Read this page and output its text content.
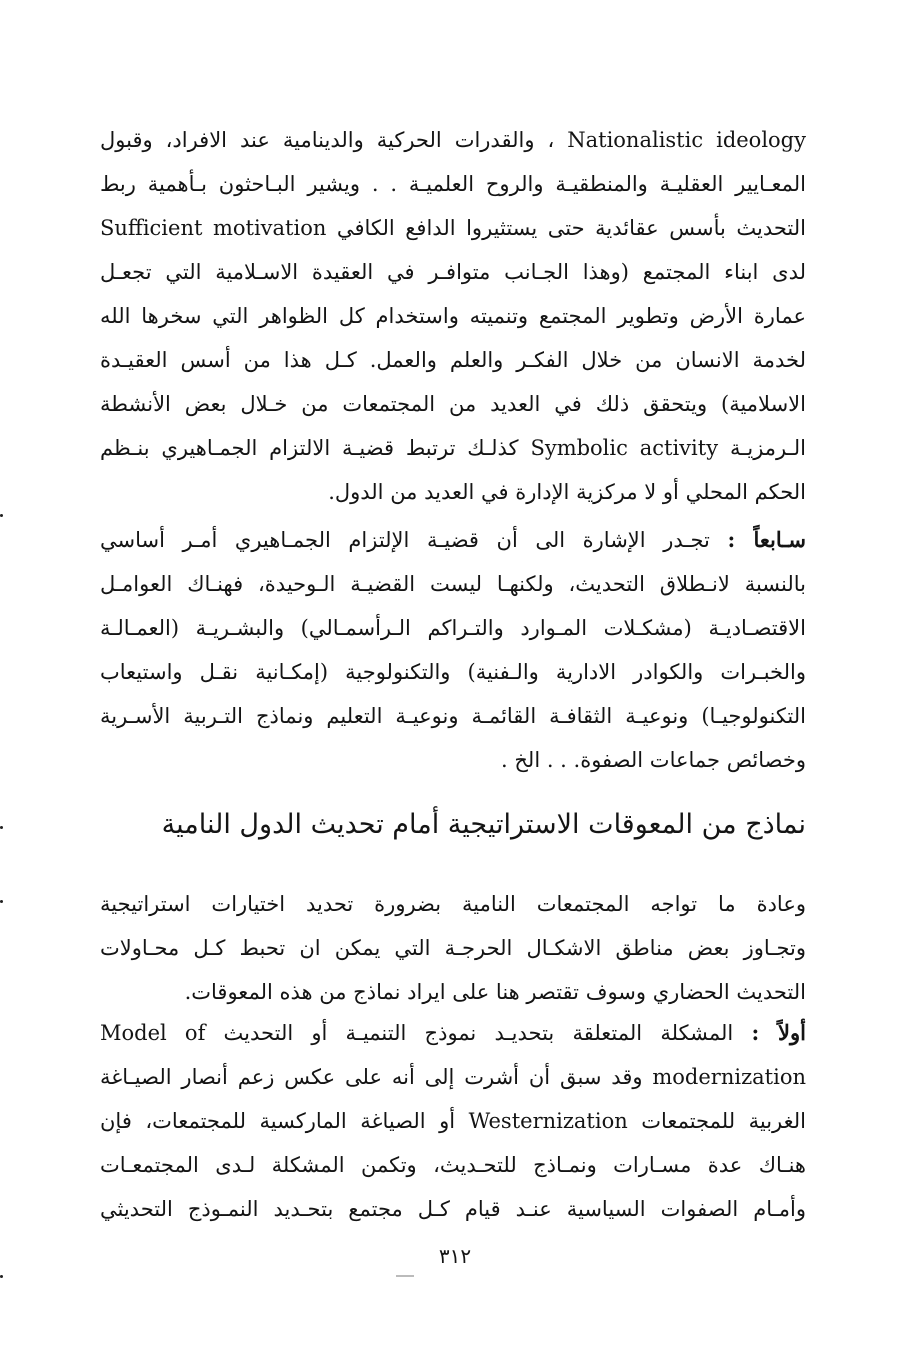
Nationalistic ideology ، والقدرات الحركية والدينامية عند الافراد، وقبول
المعـايير العقليـة والمنطقيـة والروح العلميـة . . ويشير البـاحثون بـأهمية ربط
التحديث بأسس عقائدية حتى يستثيروا الدافع الكافي Sufficient motivation
لدى ابناء المجتمع (وهذا الجـانب متوافـر في العقيدة الاسـلامية التي تجعـل
عمارة الأرض وتطوير المجتمع وتنميته واستخدام كل الظواهر التي سخرها الله
لخدمة الانسان من خلال الفكـر والعلم والعمل. كـل هذا من أسس العقيـدة
الاسلامية) ويتحقق ذلك في العديد من المجتمعات من خـلال بعض الأنشطة
الـرمزيـة Symbolic activity كذلـك ترتبط قضيـة الالتزام الجمـاهيري بنـظم
الحكم المحلي أو لا مركزية الإدارة في العديد من الدول.
سـابعاً : تجـدر الإشارة الى أن قضيـة الإلتزام الجمـاهيري أمـر أساسي
بالنسبة لانـطلاق التحديث، ولكنهـا ليست القضيـة الـوحيدة، فهنـاك العوامـل
الاقتصـاديـة (مشكـلات المـوارد والتـراكم الـرأسمـالي) والبشـريـة (العمـالـة
والخبـرات والكوادر الادارية والـفنية) والتكنولوجية (إمكـانية نقـل واستيعاب
التكنولوجيـا) ونوعيـة الثقافـة القائمـة ونوعيـة التعليم ونماذج التـربية الأسـرية
وخصائص جماعات الصفوة. . . الخ .
نماذج من المعوقات الاستراتيجية أمام تحديث الدول النامية
وعادة ما تواجه المجتمعات النامية بضرورة تحديد اختيارات استراتيجية
وتجـاوز بعض مناطق الاشكـال الحرجـة التي يمكن ان تحبط كـل محـاولات
التحديث الحضاري وسوف تقتصر هنا على ايراد نماذج من هذه المعوقات.
أولاً : المشكلة المتعلقة بتحديـد نموذج التنميـة أو التحديث Model of
modernization وقد سبق أن أشرت إلى أنه على عكس زعم أنصار الصيـاغة
الغربية للمجتمعات Westernization أو الصياغة الماركسية للمجتمعات، فإن
هنـاك عدة مسـارات ونمـاذج للتحـديث، وتكمن المشكلة لـدى المجتمعـات
وأمـام الصفوات السياسية عنـد قيام كـل مجتمع بتحـديد النمـوذج التحديثي
٣١٢
